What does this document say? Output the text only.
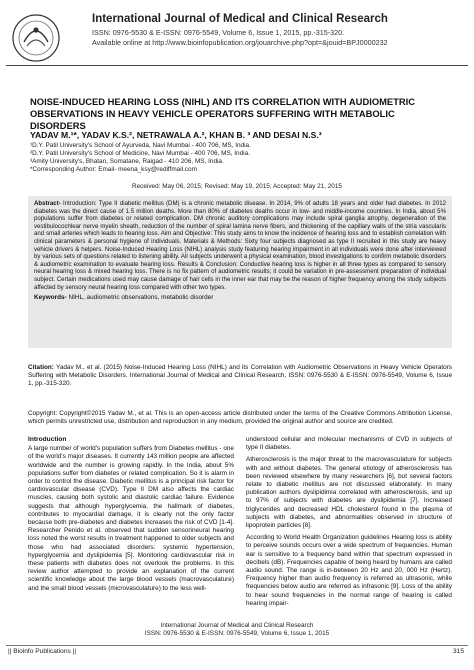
International Journal of Medical and Clinical Research
ISSN: 0976-5530 & E-ISSN: 0976-5549, Volume 6, Issue 1, 2015, pp.-315-320.
Available online at http://www.bioinfopublication.org/jouarchive.php?opt=&jouid=BPJ0000232
NOISE-INDUCED HEARING LOSS (NIHL) AND ITS CORRELATION WITH AUDIOMETRIC OBSERVATIONS IN HEAVY VEHICLE OPERATORS SUFFERING WITH METABOLIC DISORDERS
YADAV M.¹*, YADAV K.S.², NETRAWALA A.², KHAN B. ³ AND DESAI N.S.³
¹D.Y. Patil University's School of Ayurveda, Navi Mumbai - 400 706, MS, India.
²D.Y. Patil University's School of Medicine, Navi Mumbai - 400 706, MS, India.
³Amity University's, Bhatan, Somatane, Raigad - 410 206, MS, India.
*Corresponding Author: Email- meena_ksy@rediffmail.com
Received: May 06, 2015; Revised: May 19, 2015; Accepted: May 21, 2015
Abstract- Introduction: Type II diabetic mellitus (DM) is a chronic metabolic disease. In 2014, 9% of adults 18 years and older had diabetes. In 2012 diabetes was the direct cause of 1.5 million deaths. More than 80% of diabetes deaths occur in low- and middle-income countries. In India, about 5% populations suffer from diabetes or related complication. DM chronic auditory complications may include spiral ganglia atrophy, degeneration of the vestibulocochlear nerve myelin sheath, reduction of the number of spiral lamina nerve fibers, and thickening of the capillary walls of the stria vascularis and small arteries which leads to hearing loss. Aim and Objective: This study aims to know the incidence of hearing loss and to establish correlation with clinical parameters & personal hygiene of individuals. Materials & Methods: Sixty four subjects diagnosed as type II recruited in this study are heavy vehicle drivers & helpers. Noise-Induced Hearing Loss (NIHL) analysis study featuring hearing impairment in all individuals were done after interviewed by various sets of questions related to listening ability. All subjects underwent a physical examination, blood investigations to confirm metabolic disorders & audiometric examination to evaluate hearing loss. Results & Conclusion: Conductive hearing loss is higher in all three types as compared to sensory neural hearing loss & mixed hearing loss. There is no fix pattern of audiometric results; it could be variation in pre-assessment preparation of individual subject. Certain medications used may cause damage of hair cells in the inner ear that may be the reason of higher frequency among the study subjects affected by sensory neural hearing loss compared with other two types.
Keywords- NIHL, audiometric observations, metabolic disorder
Citation: Yadav M., et al. (2015) Noise-Induced Hearing Loss (NIHL) and its Correlation with Audiometric Observations in Heavy Vehicle Operators Suffering with Metabolic Disorders. International Journal of Medical and Clinical Research, ISSN: 0976-5530 & E-ISSN: 0976-5549, Volume 6, Issue 1, pp.-315-320.
Copyright: Copyright©2015 Yadav M., et al. This is an open-access article distributed under the terms of the Creative Commons Attribution License, which permits unrestricted use, distribution and reproduction in any medium, provided the original author and source are credited.
Introduction

A large number of world's population suffers from Diabetes mellitus - one of the world's major diseases. It currently 143 million people are affected worldwide and the number is growing rapidly. In the India, about 5% populations suffer from diabetes or related complication. So it is alarm in order to control the disease. Diabetic mellitus is a principal risk factor for cardiovascular disease (CVD). Type II DM also affects the cardiac muscles, causing both systolic and diastolic cardiac failure. Evidence suggests that although hyperglycemia, the hallmark of diabetes, contributes to myocardial damage, it is clearly not the only factor because both pre-diabetes and diabetes increases the risk of CVD [1-4]. Researcher Penido et al. observed that sudden sensorineural hearing loss noted the worst results in treatment happened to older subjects and those who had associated disorders: systemic hypertension, hyperglycemia and dyslipidemia [5]. Monitoring cardiovascular risk in these patients with diabetes does not overlook the problems. In this review author attempted to provide an explanation of the current scientific knowledge about the large blood vessels (macrovasculature) and the small blood vessels (microvasculature) to the less well-

understood cellular and molecular mechanisms of CVD in subjects of type II diabetes.

Atherosclerosis is the major threat to the macrovasculature for subjects with and without diabetes. The general etiology of atherosclerosis has been reviewed elsewhere by many researchers [6], but several factors relate to diabetic mellitus are not discussed elaborately. In many publication authors dyslipidimia correlated with atherosclerosis, and up to 97% of subjects with diabetes are dyslipidemia [7]. Increased triglycerides and decreased HDL cholesterol found in the plasma of subjects with diabetes, and abnormalities observed in structure of lipoprotein particles [8].

According to World Health Organization guidelines Hearing loss is ability to perceive sounds occurs over a wide spectrum of frequencies. Human ear is sensitive to a frequency band within that spectrum expressed in decibels (dB). Frequencies capable of being heard by humans are called audio sound. The range is in-between 20 Hz and 20, 000 Hz (Hertz). Frequency higher than audio frequency is referred as ultrasonic, while frequencies below audio are referred as infrasonic [9]. Loss of the ability to hear sound frequencies in the normal range of hearing is called hearing impair-

International Journal of Medical and Clinical Research
ISSN: 0976-5530 & E-ISSN: 0976-5549, Volume 6, Issue 1, 2015
|| Bioinfo Publications ||	315
